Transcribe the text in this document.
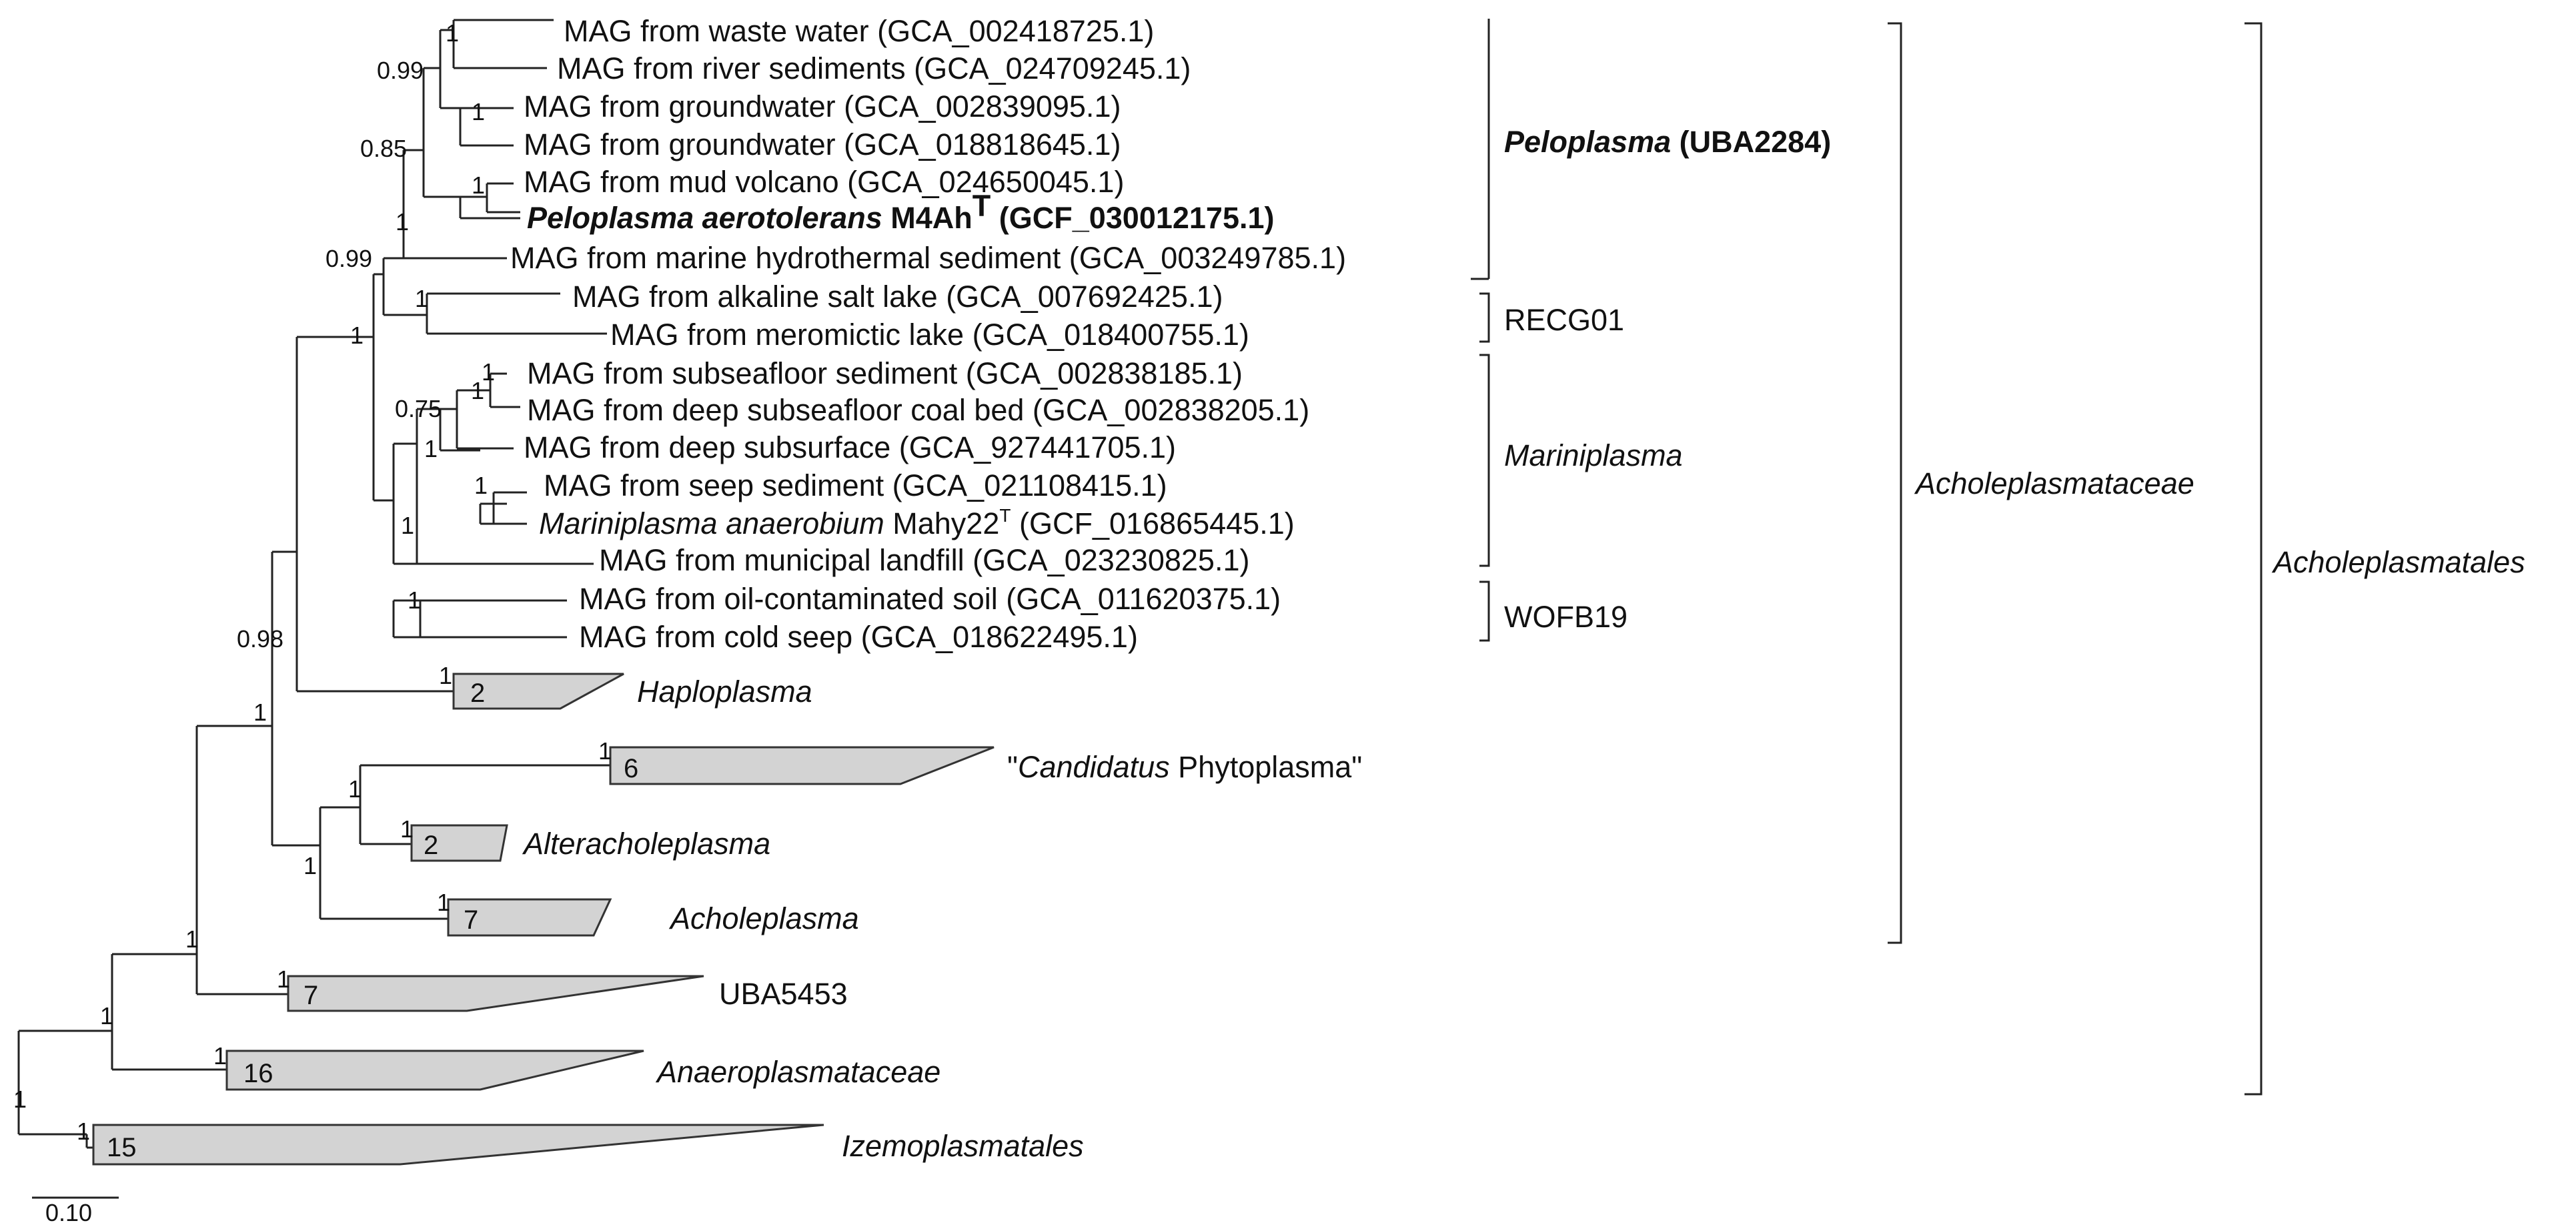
2
6
2
7
7
16
15
Haploplasma
"Candidatus Phytoplasma"
Alteracholeplasma
Acholeplasma
UBA5453
Anaeroplasmataceae
Izemoplasmatales
MAG from waste water (GCA_002418725.1)
MAG from river sediments (GCA_024709245.1)
MAG from groundwater (GCA_002839095.1)
MAG from groundwater (GCA_018818645.1)
MAG from mud volcano (GCA_024650045.1)
Peloplasma aerotolerans M4AhT (GCF_030012175.1)
MAG from marine hydrothermal sediment (GCA_003249785.1)
MAG from alkaline salt lake (GCA_007692425.1)
MAG from meromictic lake (GCA_018400755.1)
MAG from subseafloor sediment (GCA_002838185.1)
MAG from deep subseafloor coal bed (GCA_002838205.1)
MAG from deep subsurface (GCA_927441705.1)
MAG from seep sediment (GCA_021108415.1)
Mariniplasma anaerobium $Mahy22^T$ (GCF_016865445.1)
MAG from municipal landfill (GCA_023230825.1)
MAG from oil-contaminated soil (GCA_011620375.1)
MAG from cold seep (GCA_018622495.1)
1
0.99
1
0.85
1
1
0.99
1
1
1
0.75
1
1
1
1
0.98
1
1
1
1
1
1
1
1
1
1
1
1
1
1
Peloplasma (UBA2284)
RECG01
Mariniplasma
WOFB19
Acholeplasmataceae
Acholeplasmatales
0.10
